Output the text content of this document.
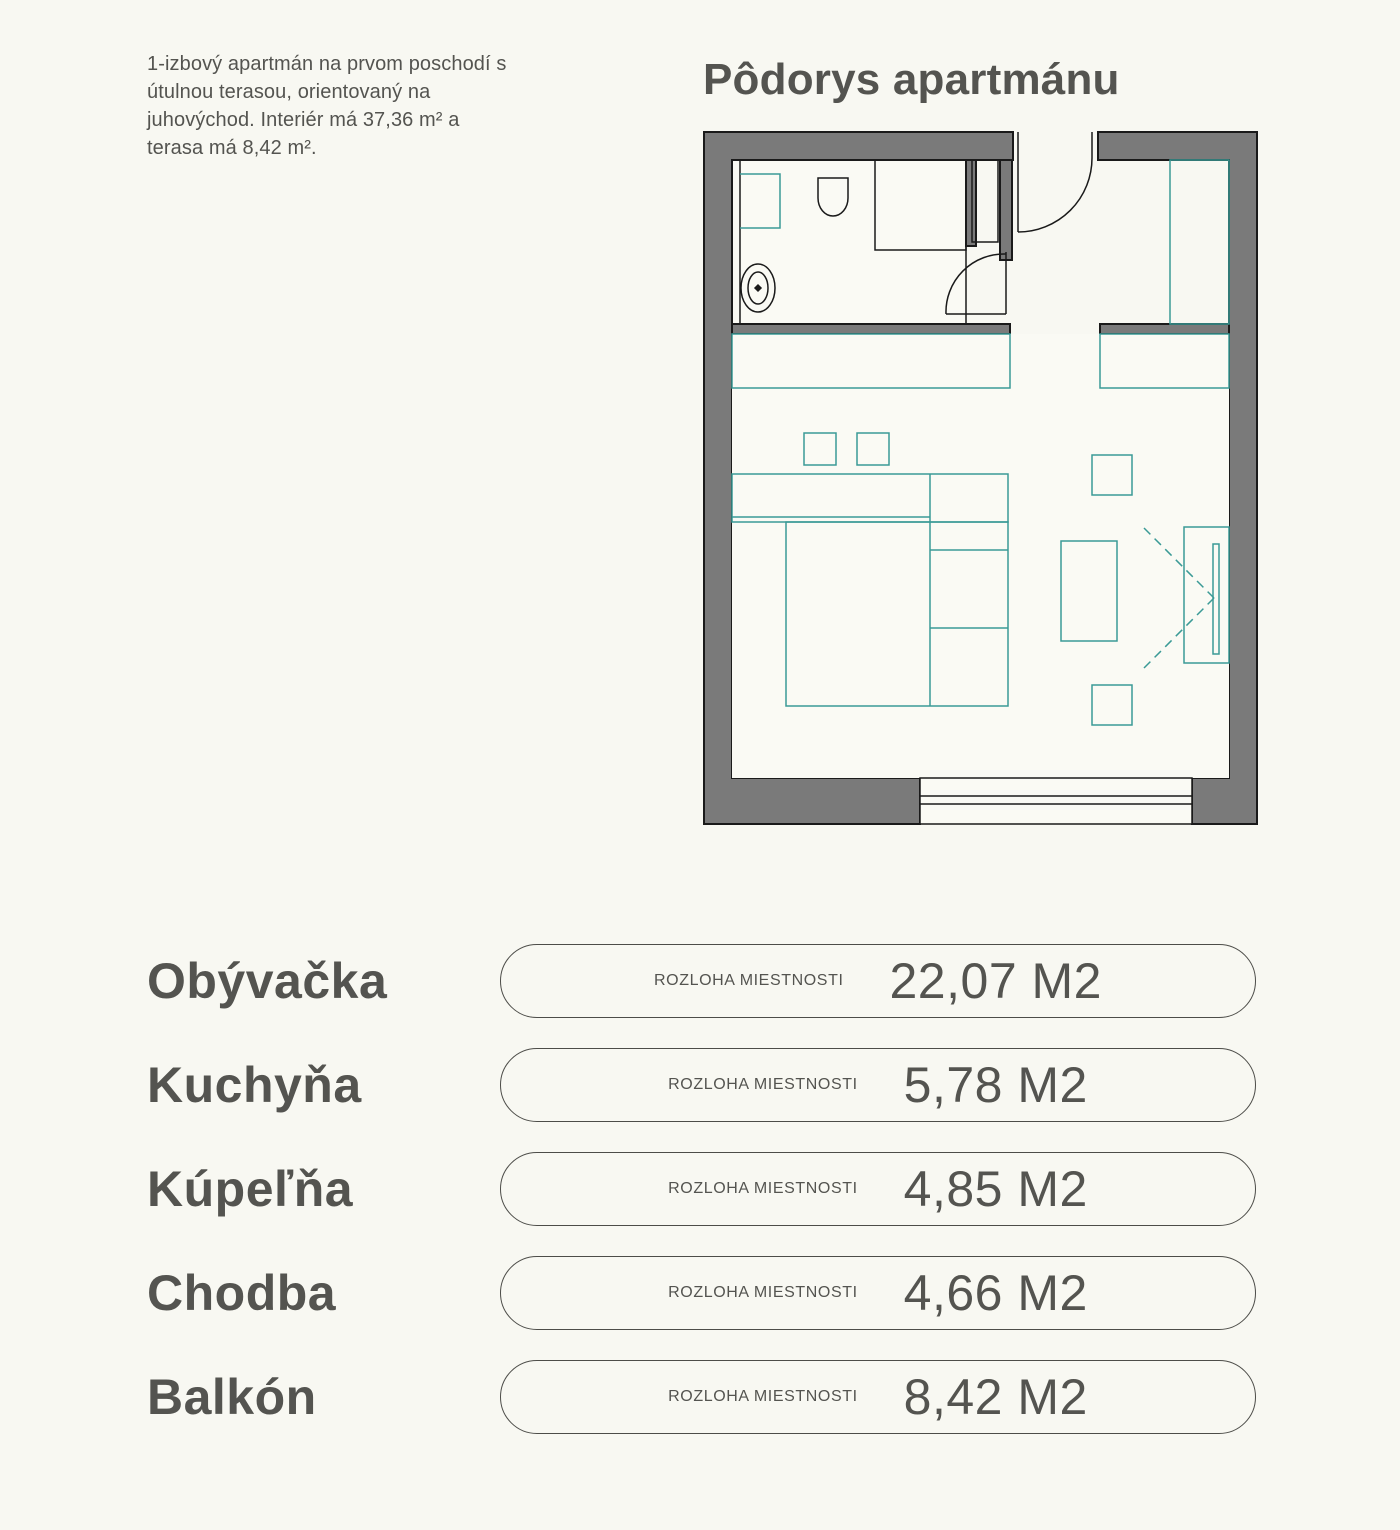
1-izbový apartmán na prvom poschodí s útulnou terasou, orientovaný na juhovýchod. Interiér má 37,36 m² a terasa má 8,42 m².
Pôdorys apartmánu
Obývačka	ROZLOHA MIESTNOSTI 22,07 M2
Kuchyňa	ROZLOHA MIESTNOSTI 5,78 M2
Kúpeľňa	ROZLOHA MIESTNOSTI 4,85 M2
Chodba	ROZLOHA MIESTNOSTI 4,66 M2
Balkón	ROZLOHA MIESTNOSTI 8,42 M2
